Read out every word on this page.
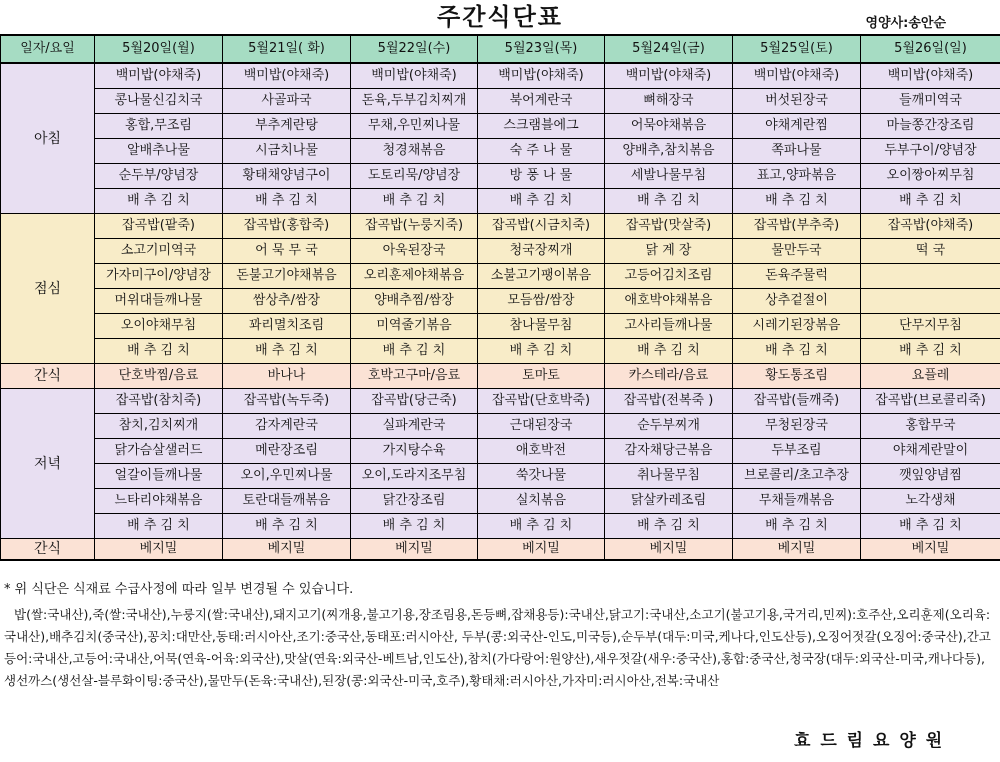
주간식단표	영양사:송안순
일자/요일	5월20일(월)	5월21일( 화)	5월22일(수)	5월23일(목)	5월24일(금)	5월25일(토)	5월26일(일)
아침	백미밥(야채죽)	백미밥(야채죽)	백미밥(야채죽)	백미밥(야채죽)	백미밥(야채죽)	백미밥(야채죽)	백미밥(야채죽)
	콩나물신김치국	사골파국	돈육,두부김치찌개	북어계란국	뼈해장국	버섯된장국	들깨미역국
	홍합,무조림	부추계란탕	무채,우민찌나물	스크램블에그	어묵야채볶음	야채계란찜	마늘쫑간장조림
	알배추나물	시금치나물	청경채볶음	숙 주 나 물	양배추,참치볶음	쪽파나물	두부구이/양념장
	순두부/양념장	황태채양념구이	도토리묵/양념장	방 풍 나 물	세발나물무침	표고,양파볶음	오이짱아찌무침
	배 추 김 치	배 추 김 치	배 추 김 치	배 추 김 치	배 추 김 치	배 추 김 치	배 추 김 치
점심	잡곡밥(팥죽)	잡곡밥(홍합죽)	잡곡밥(누룽지죽)	잡곡밥(시금치죽)	잡곡밥(맛살죽)	잡곡밥(부추죽)	잡곡밥(야채죽)
	소고기미역국	어 묵 무 국	아욱된장국	청국장찌개	닭 계 장	물만두국	떡 국
	가자미구이/양념장	돈불고기야채볶음	오리훈제야채볶음	소불고기팽이볶음	고등어김치조림	돈육주물럭	
	머위대들깨나물	쌈상추/쌈장	양배추찜/쌈장	모듬쌈/쌈장	애호박야채볶음	상추겉절이	
	오이야채무침	꽈리멸치조림	미역줄기볶음	참나물무침	고사리들깨나물	시레기된장볶음	단무지무침
	배 추 김 치	배 추 김 치	배 추 김 치	배 추 김 치	배 추 김 치	배 추 김 치	배 추 김 치
간식	단호박찜/음료	바나나	호박고구마/음료	토마토	카스테라/음료	황도통조림	요플레
저녁	잡곡밥(참치죽)	잡곡밥(녹두죽)	잡곡밥(당근죽)	잡곡밥(단호박죽)	잡곡밥(전복죽 )	잡곡밥(들깨죽)	잡곡밥(브로콜리죽)
	참치,김치찌개	감자계란국	실파계란국	근대된장국	순두부찌개	무청된장국	홍합무국
	닭가슴살샐러드	메란장조림	가지탕수육	애호박전	감자채당근볶음	두부조림	야채계란말이
	얼갈이들깨나물	오이,우민찌나물	오이,도라지조무침	쑥갓나물	취나물무침	브로콜리/초고추장	깻잎양념찜
	느타리야채볶음	토란대들깨볶음	닭간장조림	실치볶음	닭살카레조림	무채들깨볶음	노각생채
	배 추 김 치	배 추 김 치	배 추 김 치	배 추 김 치	배 추 김 치	배 추 김 치	배 추 김 치
간식	베지밀	베지밀	베지밀	베지밀	베지밀	베지밀	베지밀
* 위 식단은 식재료 수급사정에 따라 일부 변경될 수 있습니다.
밥(쌀:국내산),죽(쌀:국내산),누룽지(쌀:국내산),돼지고기(찌개용,불고기용,장조림용,돈등뼈,잡채용등):국내산,닭고기:국내산,소고기(불고기용,국거리,민찌):호주산,오리훈제(오리육:국내산),배추김치(중국산),꽁치:대만산,동태:러시아산,조기:중국산,동태포:러시아산, 두부(콩:외국산-인도,미국등),순두부(대두:미국,케나다,인도산등),오징어젓갈(오징어:중국산),간고등어:국내산,고등어:국내산,어묵(연육-어육:외국산),맛살(연육:외국산-베트남,인도산),참치(가다랑어:원양산),새우젓갈(새우:중국산),홍합:중국산,청국장(대두:외국산-미국,캐나다등),생선까스(생선살-블루화이팅:중국산),물만두(돈육:국내산),된장(콩:외국산-미국,호주),황태채:러시아산,가자미:러시아산,전복:국내산
효 드 림 요 양 원
